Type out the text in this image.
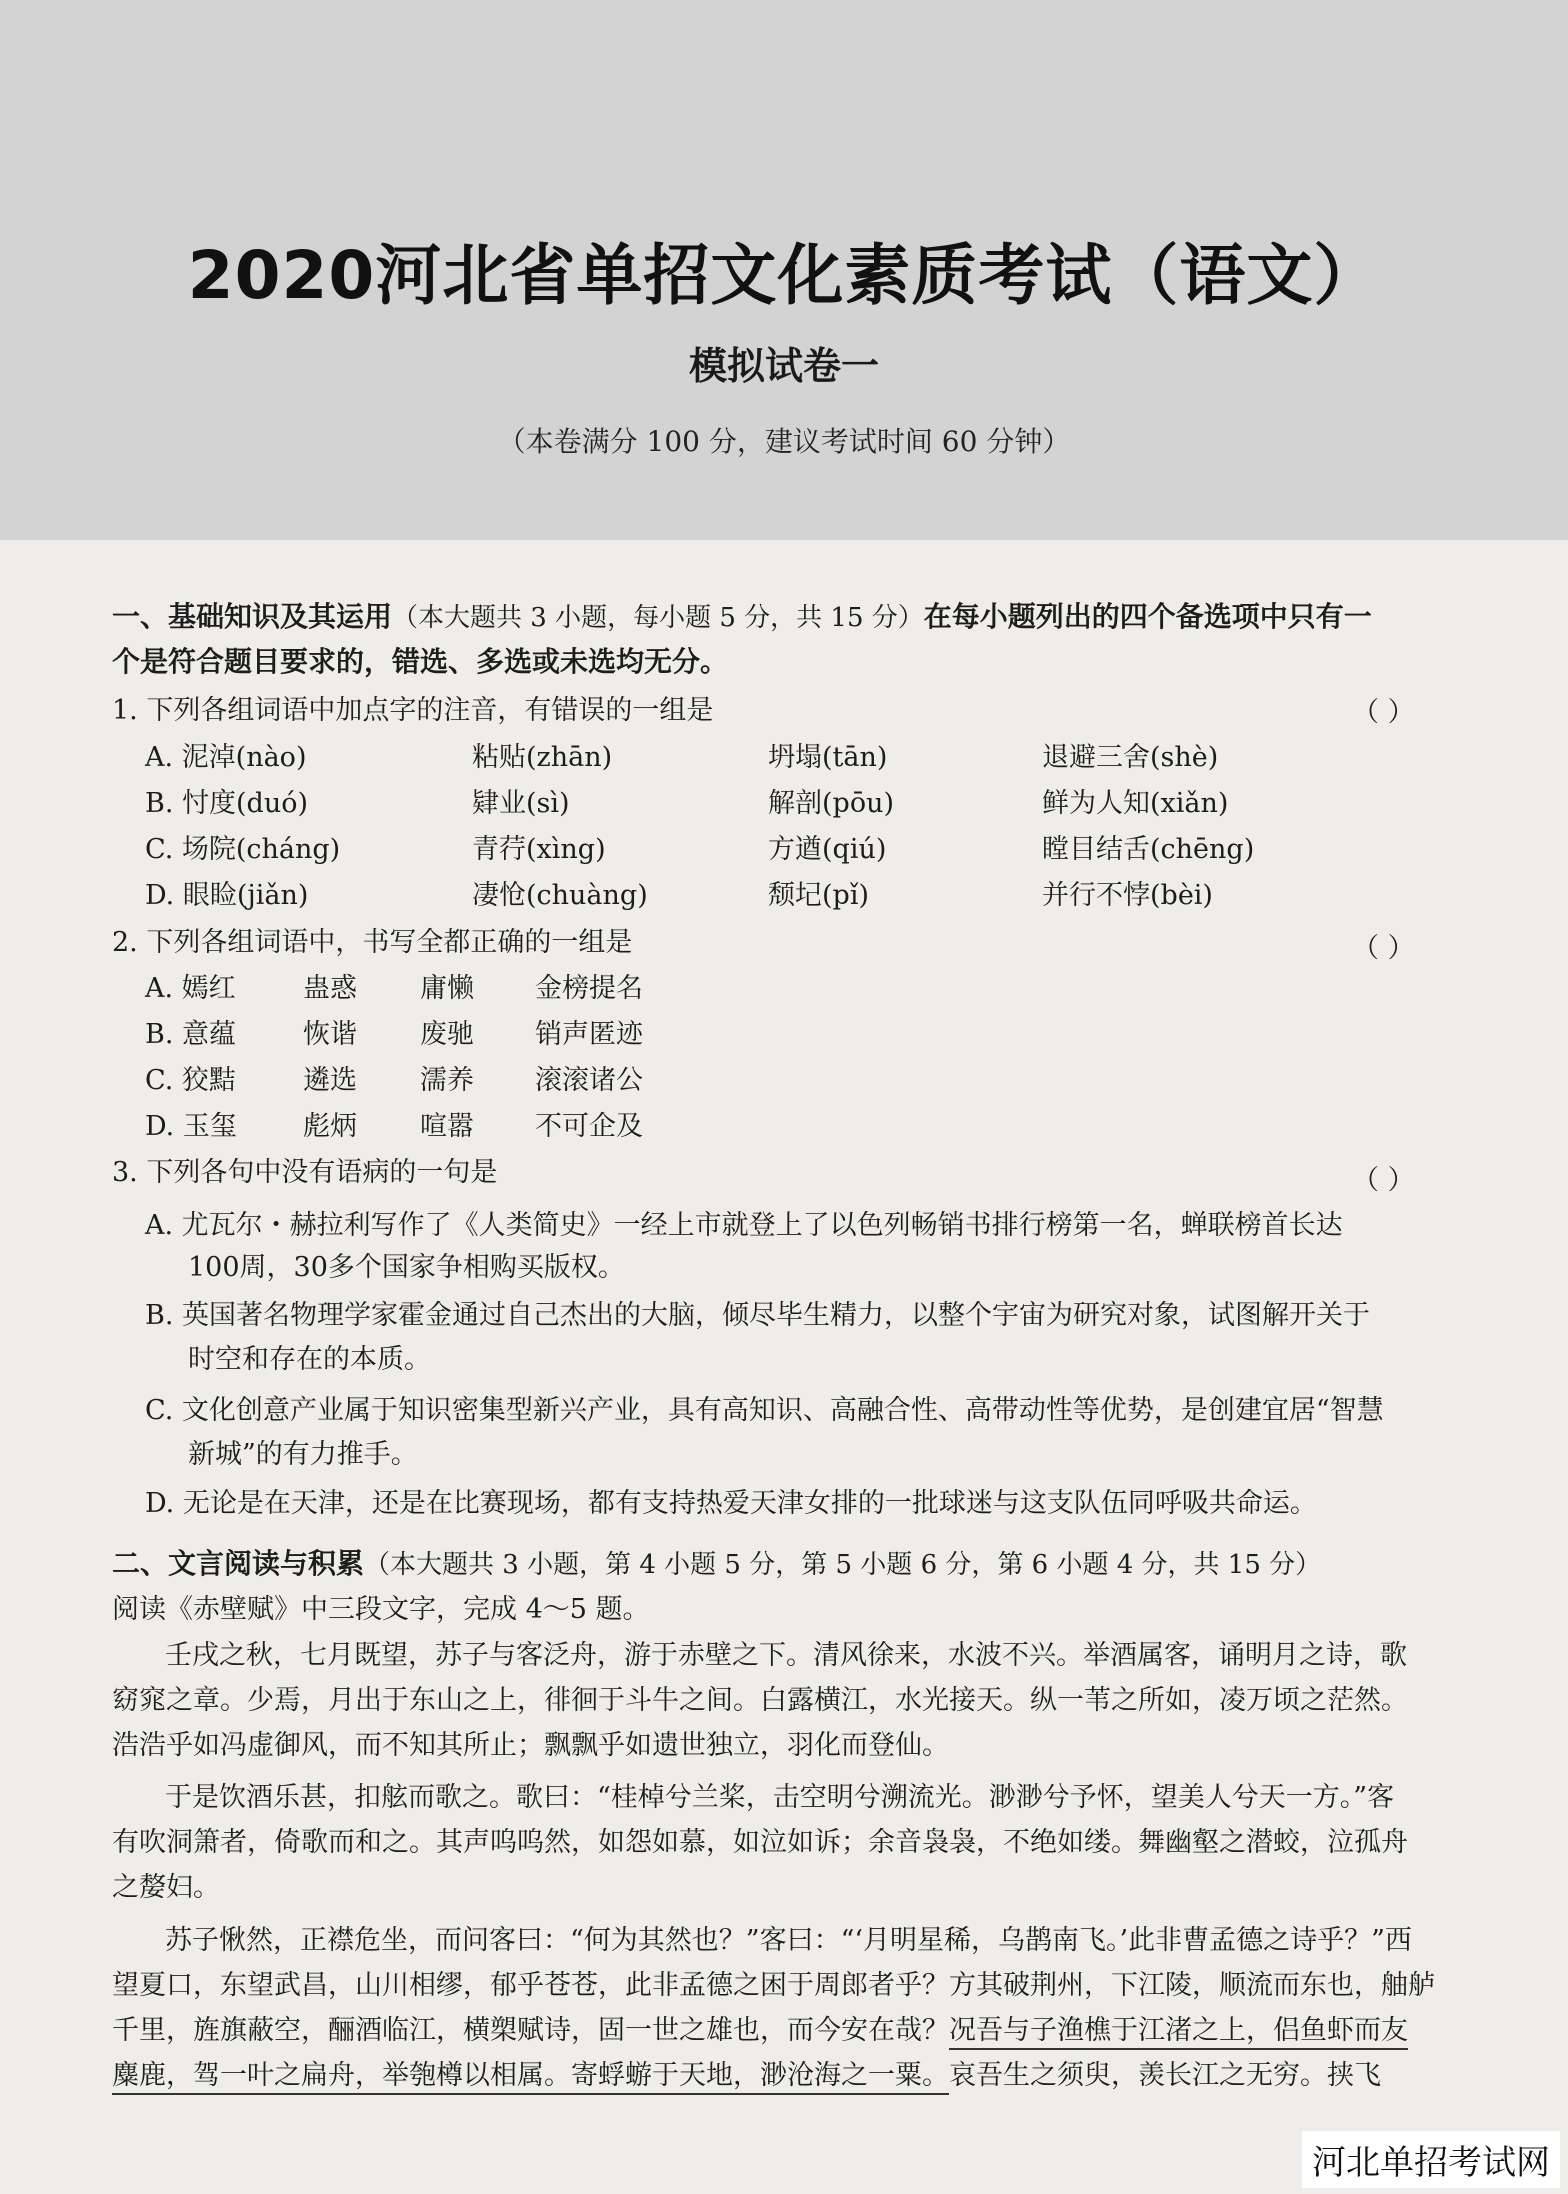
2020河北省单招文化素质考试（语文）
模拟试卷一
（本卷满分 100 分，建议考试时间 60 分钟）
一、基础知识及其运用（本大题共 3 小题，每小题 5 分，共 15 分）在每小题列出的四个备选项中只有一
个是符合题目要求的，错选、多选或未选均无分。
1. 下列各组词语中加点字的注音，有错误的一组是	（ ）
A. 泥淖(nào)	粘贴(zhān)	坍塌(tān)	退避三舍(shè)
B. 忖度(duó)	肄业(sì)	解剖(pōu)	鲜为人知(xiǎn)
C. 场院(cháng)	青荇(xìng)	方遒(qiú)	瞠目结舌(chēng)
D. 眼睑(jiǎn)	凄怆(chuàng)	颓圮(pǐ)	并行不悖(bèi)
2. 下列各组词语中，书写全都正确的一组是	（ ）
A. 嫣红 蛊惑 庸懒 金榜提名
B. 意蕴 恢谐 废驰 销声匿迹
C. 狡黠 遴选 濡养 滚滚诸公
D. 玉玺 彪炳 喧嚣 不可企及
3. 下列各句中没有语病的一句是	（ ）
A. 尤瓦尔・赫拉利写作了《人类简史》一经上市就登上了以色列畅销书排行榜第一名，蝉联榜首长达
100周，30多个国家争相购买版权。
B. 英国著名物理学家霍金通过自己杰出的大脑，倾尽毕生精力，以整个宇宙为研究对象，试图解开关于
时空和存在的本质。
C. 文化创意产业属于知识密集型新兴产业，具有高知识、高融合性、高带动性等优势，是创建宜居“智慧
新城”的有力推手。
D. 无论是在天津，还是在比赛现场，都有支持热爱天津女排的一批球迷与这支队伍同呼吸共命运。
二、文言阅读与积累（本大题共 3 小题，第 4 小题 5 分，第 5 小题 6 分，第 6 小题 4 分，共 15 分）
阅读《赤壁赋》中三段文字，完成 4～5 题。
壬戌之秋，七月既望，苏子与客泛舟，游于赤壁之下。清风徐来，水波不兴。举酒属客，诵明月之诗，歌
窈窕之章。少焉，月出于东山之上，徘徊于斗牛之间。白露横江，水光接天。纵一苇之所如，凌万顷之茫然。
浩浩乎如冯虚御风，而不知其所止；飘飘乎如遗世独立，羽化而登仙。
于是饮酒乐甚，扣舷而歌之。歌曰：“桂棹兮兰桨，击空明兮溯流光。渺渺兮予怀，望美人兮天一方。”客
有吹洞箫者，倚歌而和之。其声呜呜然，如怨如慕，如泣如诉；余音袅袅，不绝如缕。舞幽壑之潜蛟，泣孤舟
之嫠妇。
苏子愀然，正襟危坐，而问客曰：“何为其然也？”客曰：“‘月明星稀，乌鹊南飞。’此非曹孟德之诗乎？”西
望夏口，东望武昌，山川相缪，郁乎苍苍，此非孟德之困于周郎者乎？方其破荆州，下江陵，顺流而东也，舳舻
千里，旌旗蔽空，酾酒临江，横槊赋诗，固一世之雄也，而今安在哉？况吾与子渔樵于江渚之上，侣鱼虾而友
麋鹿，驾一叶之扁舟，举匏樽以相属。寄蜉蝣于天地，渺沧海之一粟。哀吾生之须臾，羡长江之无穷。挟飞
河北单招考试网
